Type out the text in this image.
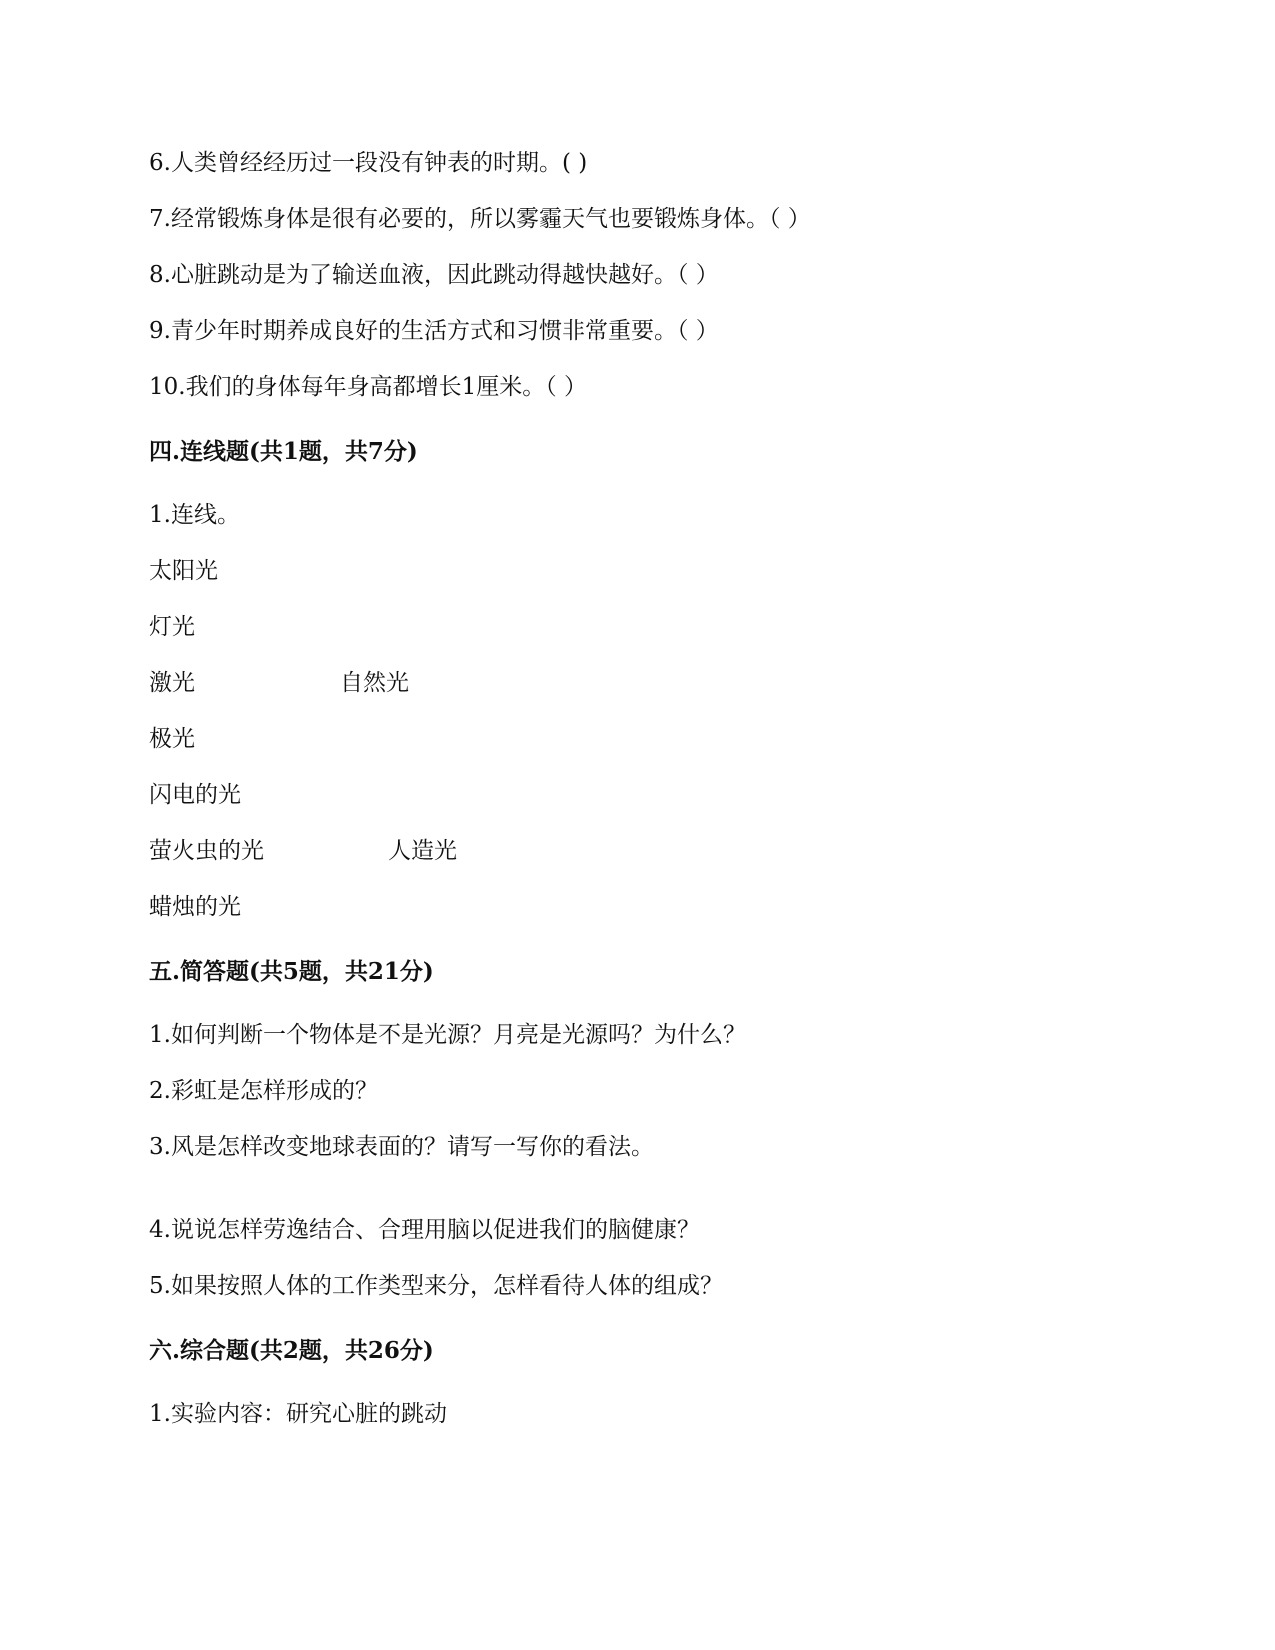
6.人类曾经经历过一段没有钟表的时期。( )
7.经常锻炼身体是很有必要的，所以雾霾天气也要锻炼身体。（ ）
8.心脏跳动是为了输送血液，因此跳动得越快越好。（ ）
9.青少年时期养成良好的生活方式和习惯非常重要。（ ）
10.我们的身体每年身高都增长1厘米。（ ）
四.连线题(共1题，共7分)
1.连线。
太阳光
灯光
激光	自然光
极光
闪电的光
萤火虫的光	人造光
蜡烛的光
五.简答题(共5题，共21分)
1.如何判断一个物体是不是光源？月亮是光源吗？为什么？
2.彩虹是怎样形成的？
3.风是怎样改变地球表面的？请写一写你的看法。
4.说说怎样劳逸结合、合理用脑以促进我们的脑健康？
5.如果按照人体的工作类型来分，怎样看待人体的组成？
六.综合题(共2题，共26分)
1.实验内容：研究心脏的跳动
